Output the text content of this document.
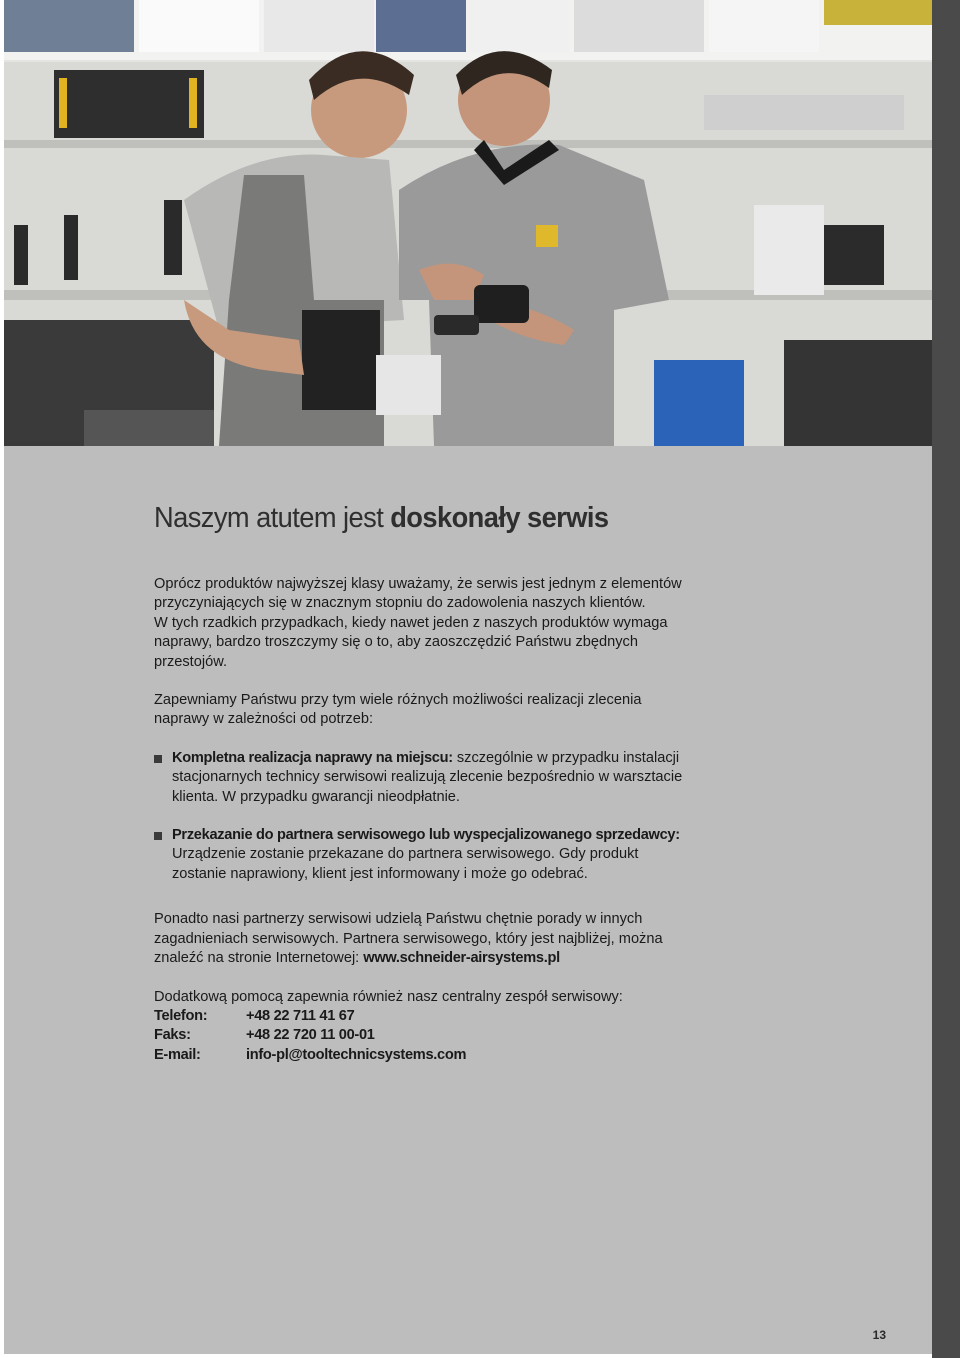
Naszym atutem jest doskonały serwis

Oprócz produktów najwyższej klasy uważamy, że serwis jest jednym z elementów przyczyniających się w znacznym stopniu do zadowolenia naszych klientów.

W tych rzadkich przypadkach, kiedy nawet jeden z naszych produktów wymaga naprawy, bardzo troszczymy się o to, aby zaoszczędzić Państwu zbędnych przestojów.

Zapewniamy Państwu przy tym wiele różnych możliwości realizacji zlecenia naprawy w zależności od potrzeb:

Kompletna realizacja naprawy na miejscu: szczególnie w przypadku instalacji stacjonarnych technicy serwisowi realizują zlecenie bezpośrednio w warsztacie klienta. W przypadku gwarancji nieodpłatnie.
Przekazanie do partnera serwisowego lub wyspecjalizowanego sprzedawcy: Urządzenie zostanie przekazane do partnera serwisowego. Gdy produkt zostanie naprawiony, klient jest informowany i może go odebrać.

Ponadto nasi partnerzy serwisowi udzielą Państwu chętnie porady w innych zagadnieniach serwisowych. Partnera serwisowego, który jest najbliżej, można znaleźć na stronie Internetowej: www.schneider-airsystems.pl

Dodatkową pomocą zapewnia również nasz centralny zespół serwisowy:

Telefon:	+48 22 711 41 67
Faks:	+48 22 720 11 00-01
E-mail:	info-pl@tooltechnicsystems.com
13
